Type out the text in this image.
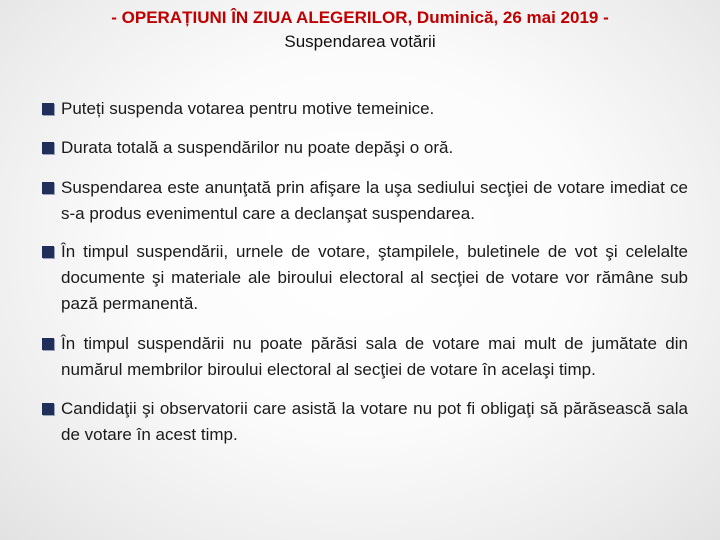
- OPERAȚIUNI ÎN ZIUA ALEGERILOR, Duminică, 26 mai 2019 -
Suspendarea votării
Puteți suspenda votarea pentru motive temeinice.
Durata totală a suspendărilor nu poate depăşi o oră.
Suspendarea este anunţată prin afişare la uşa sediului secţiei de votare imediat ce s-a produs evenimentul care a declanşat suspendarea.
În timpul suspendării, urnele de votare, ştampilele, buletinele de vot şi celelalte documente şi materiale ale biroului electoral al secţiei de votare vor rămâne sub pază permanentă.
În timpul suspendării nu poate părăsi sala de votare mai mult de jumătate din numărul membrilor biroului electoral al secţiei de votare în acelaşi timp.
Candidaţii şi observatorii care asistă la votare nu pot fi obligaţi să părăsească sala de votare în acest timp.
